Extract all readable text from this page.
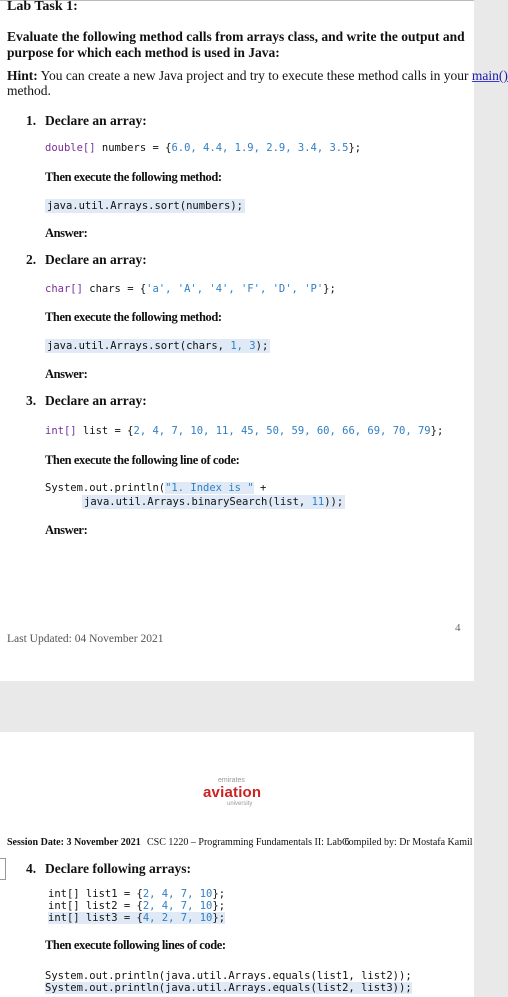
Lab Task 1:
Evaluate the following method calls from arrays class, and write the output and
purpose for which each method is used in Java:
Hint: You can create a new Java project and try to execute these method calls in your main()
method.
1. Declare an array:
double[] numbers = {6.0, 4.4, 1.9, 2.9, 3.4, 3.5};
Then execute the following method:
java.util.Arrays.sort(numbers);
Answer:
2. Declare an array:
char[] chars = {'a', 'A', '4', 'F', 'D', 'P'};
Then execute the following method:
java.util.Arrays.sort(chars, 1, 3);
Answer:
3. Declare an array:
int[] list = {2, 4, 7, 10, 11, 45, 50, 59, 60, 66, 69, 70, 79};
Then execute the following line of code:
System.out.println("1. Index is " +
java.util.Arrays.binarySearch(list, 11));
Answer:
4
Last Updated: 04 November 2021
emirates
aviation
university
Session Date: 3 November 2021 CSC 1220 – Programming Fundamentals II: Lab 6
Compiled by: Dr Mostafa Kamil
4. Declare following arrays:
int[] list1 = {2, 4, 7, 10};
int[] list2 = {2, 4, 7, 10};
int[] list3 = {4, 2, 7, 10};
Then execute following lines of code:
System.out.println(java.util.Arrays.equals(list1, list2));
System.out.println(java.util.Arrays.equals(list2, list3));
